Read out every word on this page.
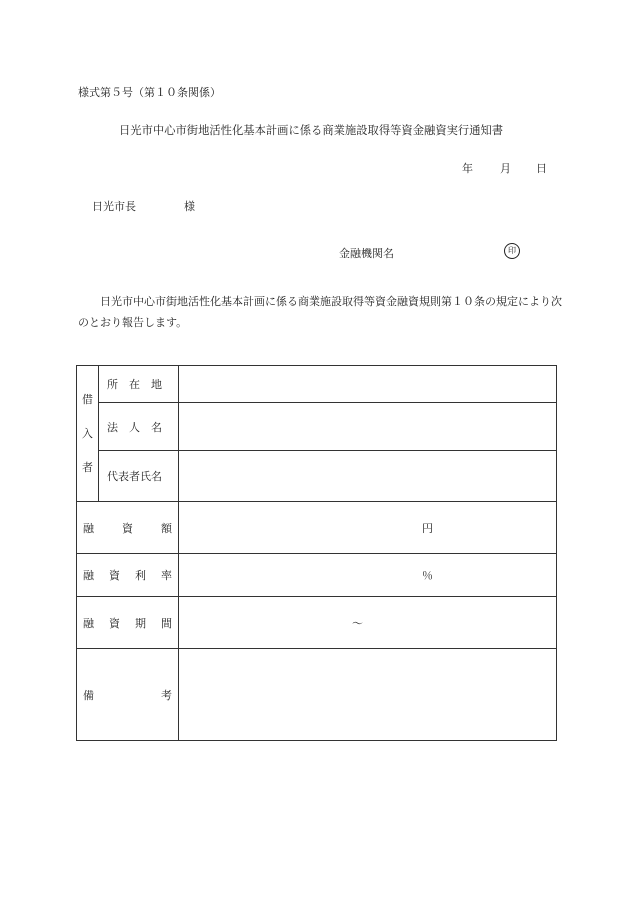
様式第５号（第１０条関係）
日光市中心市街地活性化基本計画に係る商業施設取得等資金融資実行通知書
年 月 日
日光市長	様
金融機関名	印
日光市中心市街地活性化基本計画に係る商業施設取得等資金融資規則第１０条の規定により次のとおり報告します。
借
入
者	所　在　地	
	法　人　名	
	代表者氏名	

融 資 額		円

融 資 利 率		％

融 資 期 間		～

備 考		
